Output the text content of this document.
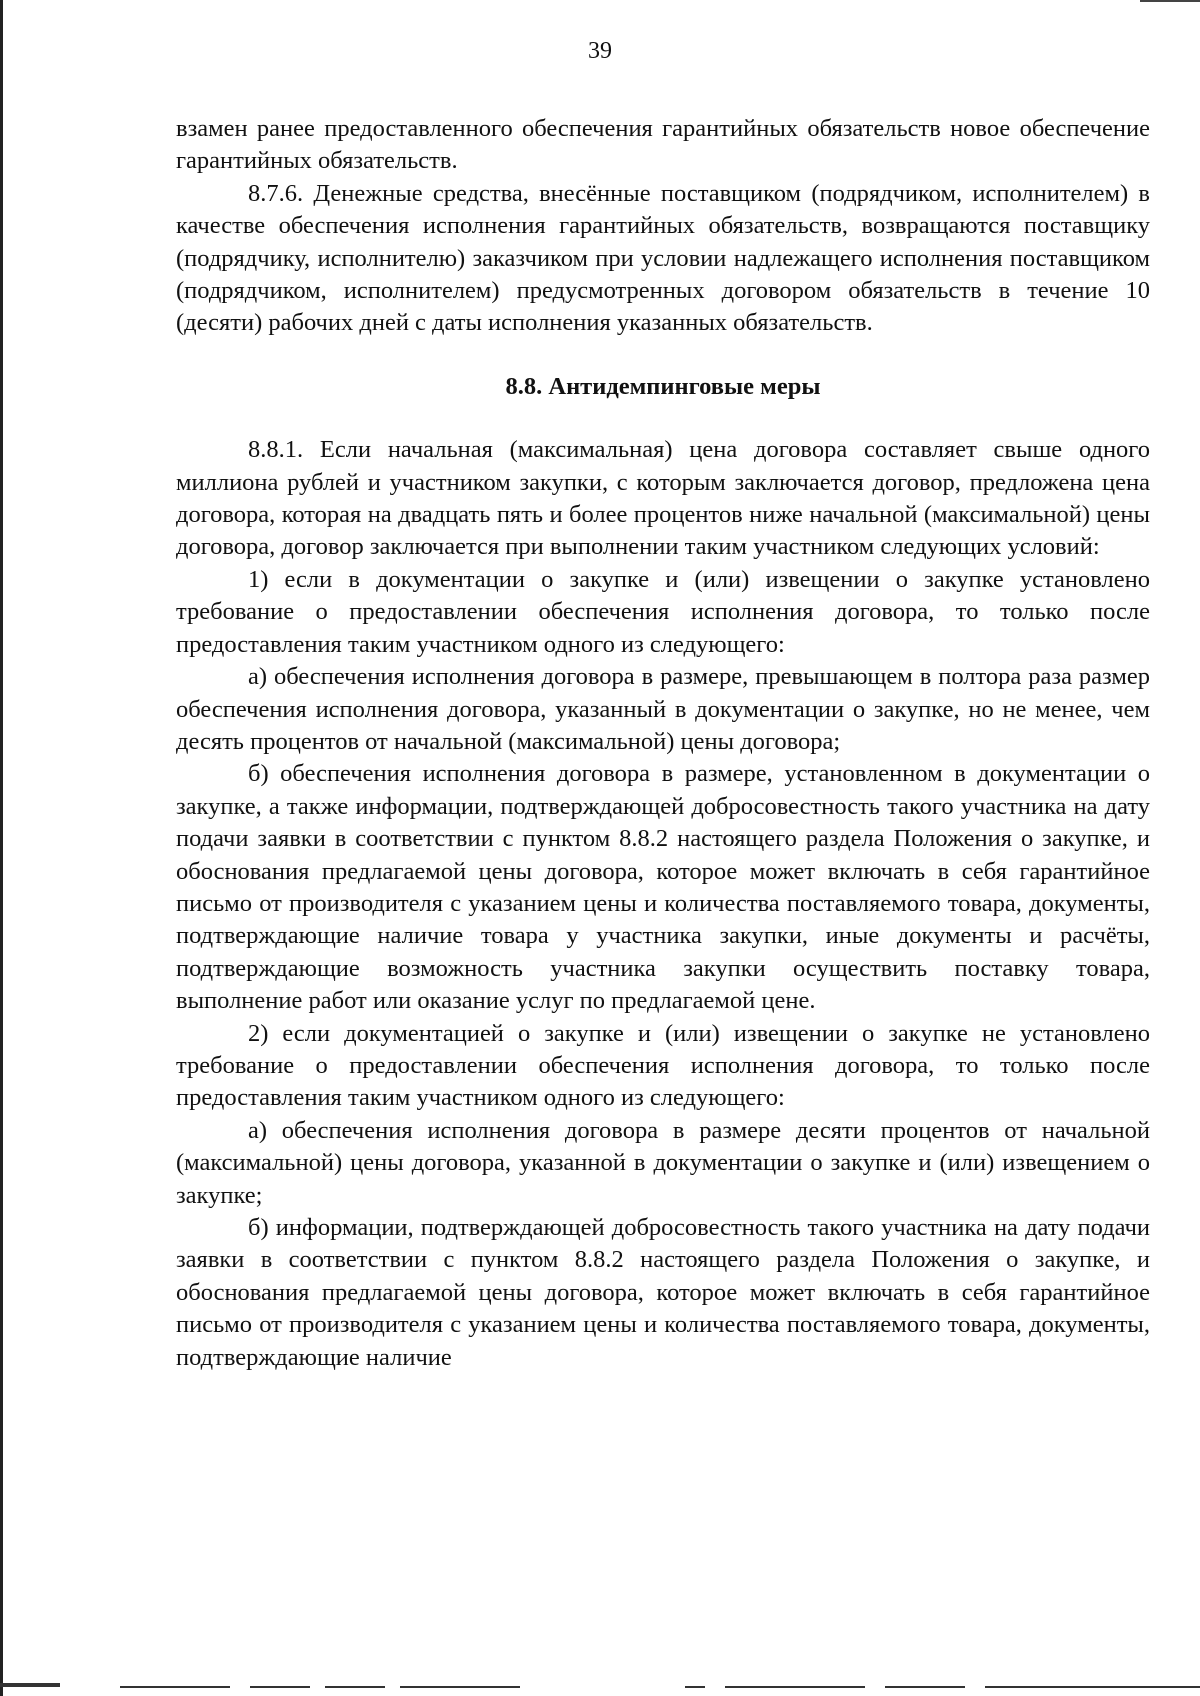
39

взамен ранее предоставленного обеспечения гарантийных обязательств новое обеспечение гарантийных обязательств.

8.7.6. Денежные средства, внесённые поставщиком (подрядчиком, исполнителем) в качестве обеспечения исполнения гарантийных обязательств, возвращаются поставщику (подрядчику, исполнителю) заказчиком при условии надлежащего исполнения поставщиком (подрядчиком, исполнителем) предусмотренных договором обязательств в течение 10 (десяти) рабочих дней с даты исполнения указанных обязательств.

8.8. Антидемпинговые меры

8.8.1. Если начальная (максимальная) цена договора составляет свыше одного миллиона рублей и участником закупки, с которым заключается договор, предложена цена договора, которая на двадцать пять и более процентов ниже начальной (максимальной) цены договора, договор заключается при выполнении таким участником следующих условий:

1) если в документации о закупке и (или) извещении о закупке установлено требование о предоставлении обеспечения исполнения договора, то только после предоставления таким участником одного из следующего:

а) обеспечения исполнения договора в размере, превышающем в полтора раза размер обеспечения исполнения договора, указанный в документации о закупке, но не менее, чем десять процентов от начальной (максимальной) цены договора;

б) обеспечения исполнения договора в размере, установленном в документации о закупке, а также информации, подтверждающей добросовестность такого участника на дату подачи заявки в соответствии с пунктом 8.8.2 настоящего раздела Положения о закупке, и обоснования предлагаемой цены договора, которое может включать в себя гарантийное письмо от производителя с указанием цены и количества поставляемого товара, документы, подтверждающие наличие товара у участника закупки, иные документы и расчёты, подтверждающие возможность участника закупки осуществить поставку товара, выполнение работ или оказание услуг по предлагаемой цене.

2) если документацией о закупке и (или) извещении о закупке не установлено требование о предоставлении обеспечения исполнения договора, то только после предоставления таким участником одного из следующего:

а) обеспечения исполнения договора в размере десяти процентов от начальной (максимальной) цены договора, указанной в документации о закупке и (или) извещением о закупке;

б) информации, подтверждающей добросовестность такого участника на дату подачи заявки в соответствии с пунктом 8.8.2 настоящего раздела Положения о закупке, и обоснования предлагаемой цены договора, которое может включать в себя гарантийное письмо от производителя с указанием цены и количества поставляемого товара, документы, подтверждающие наличие
